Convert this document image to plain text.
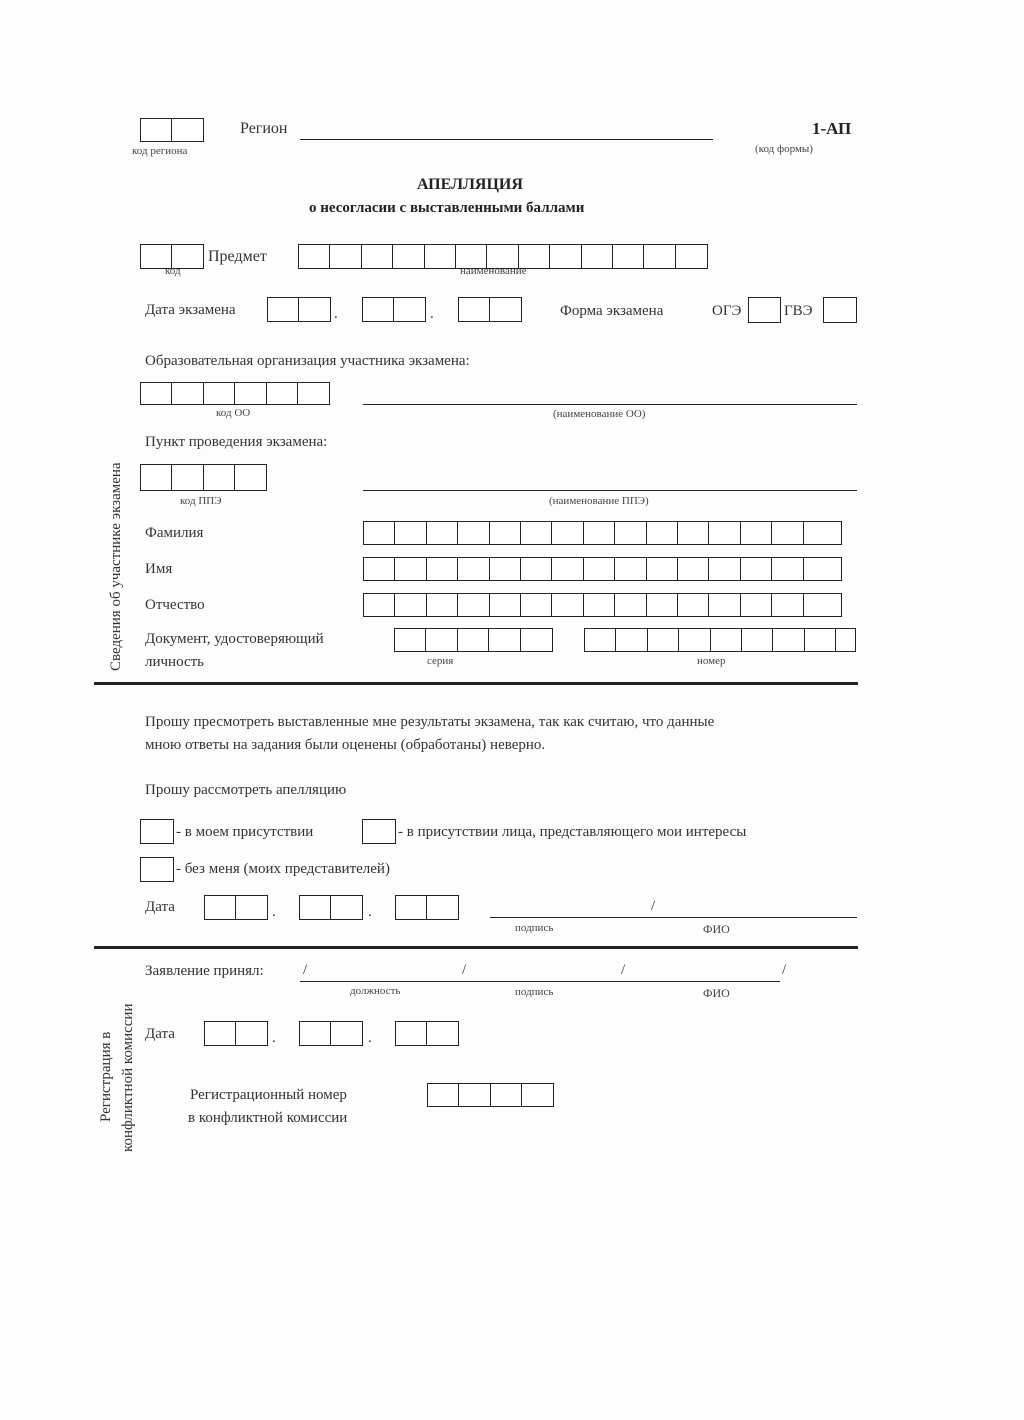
код региона
Регион	1-АП
(код формы)
АПЕЛЛЯЦИЯ
о несогласии с выставленными баллами
Предмет
код	наименование
Дата экзамена	.	.	Форма экзамена	ОГЭ	ГВЭ
Образовательная организация участника экзамена:
код ОО	(наименование ОО)
Пункт проведения экзамена:
код ППЭ	(наименование ППЭ)
Сведения об участнике экзамена Фамилия
Имя
Отчество
Документ, удостоверяющий
личность	серия	номер
Прошу пресмотреть выставленные мне результаты экзамена, так как считаю, что данные
мною ответы на задания были оценены (обработаны) неверно.
Прошу рассмотреть апелляцию
- в моем присутствии	- в присутствии лица, представляющего мои интересы
- без меня (моих представителей)
Дата	.	.	/
подпись	ФИО
Регистрация в конфликтной комиссии
Заявление принял:	/	/	/	/
должность	подпись	ФИО
Дата	.	.
Регистрационный номер
в конфликтной комиссии
